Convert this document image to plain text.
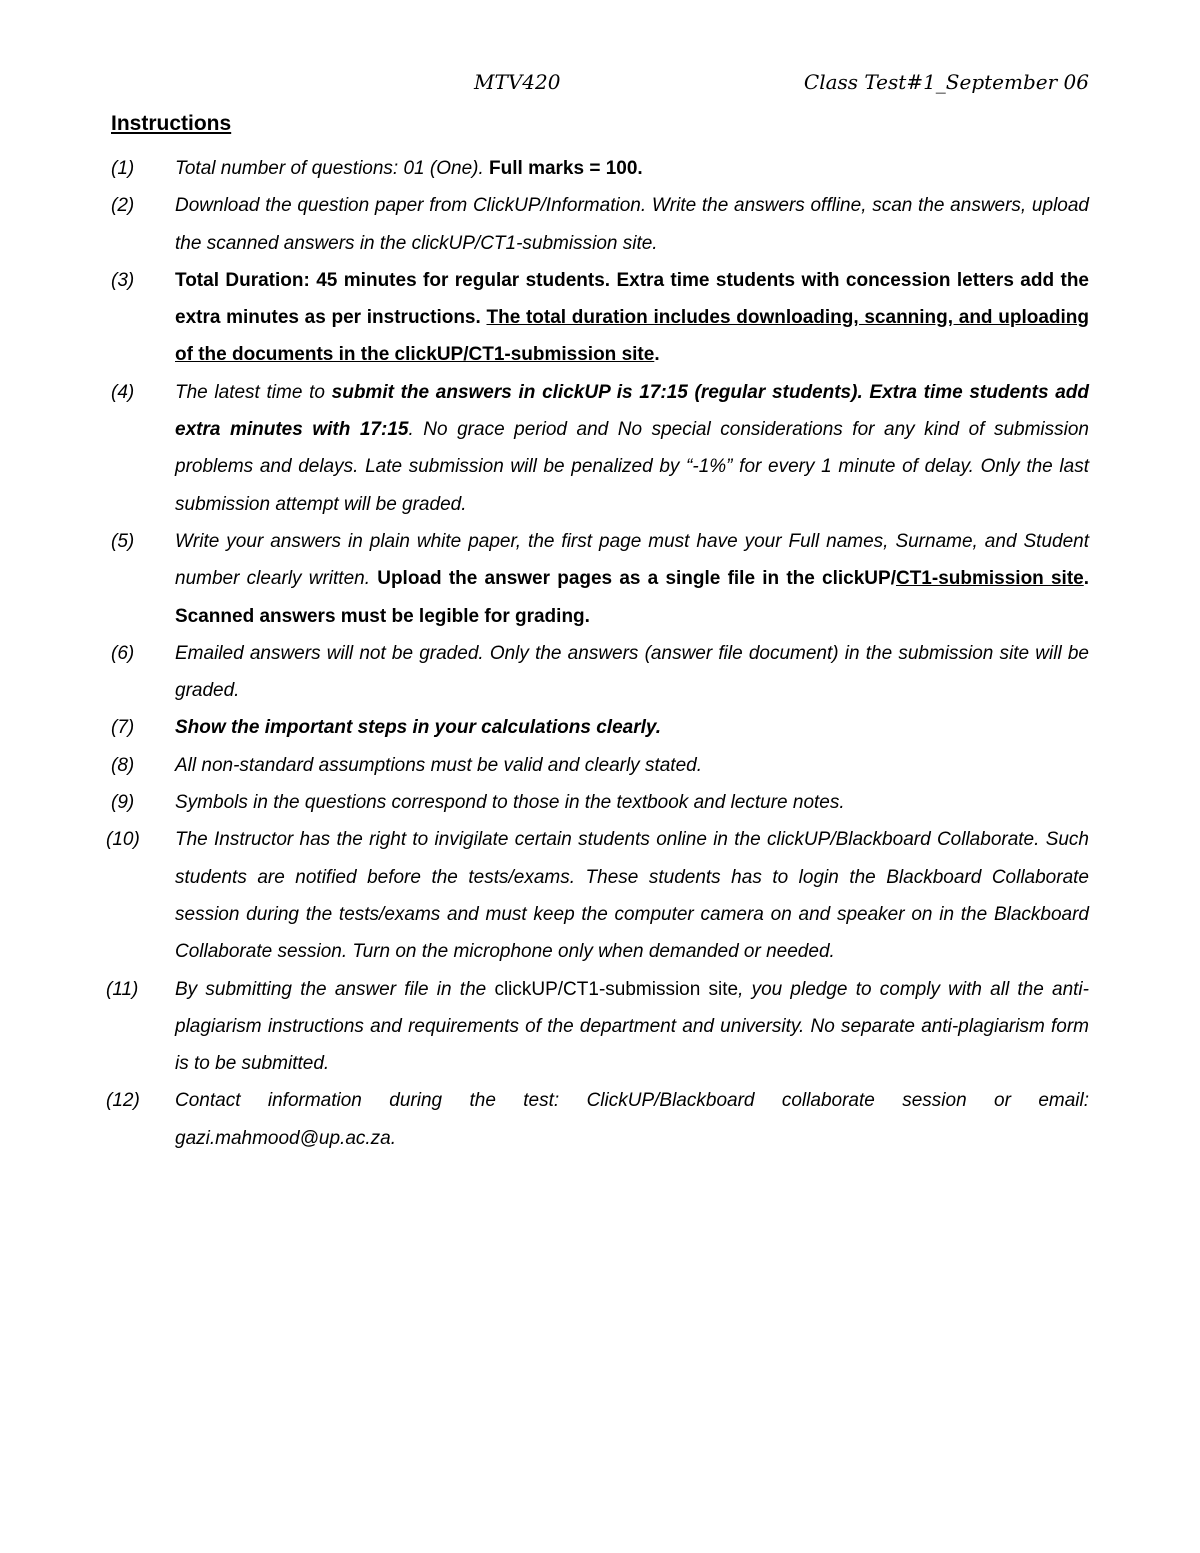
MTV420	Class Test#1_September 06
Instructions
(1) Total number of questions: 01 (One). Full marks = 100.
(2) Download the question paper from ClickUP/Information. Write the answers offline, scan the answers, upload the scanned answers in the clickUP/CT1-submission site.
(3) Total Duration: 45 minutes for regular students. Extra time students with concession letters add the extra minutes as per instructions. The total duration includes downloading, scanning, and uploading of the documents in the clickUP/CT1-submission site.
(4) The latest time to submit the answers in clickUP is 17:15 (regular students). Extra time students add extra minutes with 17:15. No grace period and No special considerations for any kind of submission problems and delays. Late submission will be penalized by “-1%” for every 1 minute of delay. Only the last submission attempt will be graded.
(5) Write your answers in plain white paper, the first page must have your Full names, Surname, and Student number clearly written. Upload the answer pages as a single file in the clickUP/CT1-submission site. Scanned answers must be legible for grading.
(6) Emailed answers will not be graded. Only the answers (answer file document) in the submission site will be graded.
(7) Show the important steps in your calculations clearly.
(8) All non-standard assumptions must be valid and clearly stated.
(9) Symbols in the questions correspond to those in the textbook and lecture notes.
(10) The Instructor has the right to invigilate certain students online in the clickUP/Blackboard Collaborate. Such students are notified before the tests/exams. These students has to login the Blackboard Collaborate session during the tests/exams and must keep the computer camera on and speaker on in the Blackboard Collaborate session. Turn on the microphone only when demanded or needed.
(11) By submitting the answer file in the clickUP/CT1-submission site, you pledge to comply with all the anti-plagiarism instructions and requirements of the department and university. No separate anti-plagiarism form is to be submitted.
(12) Contact information during the test: ClickUP/Blackboard collaborate session or email: gazi.mahmood@up.ac.za.
